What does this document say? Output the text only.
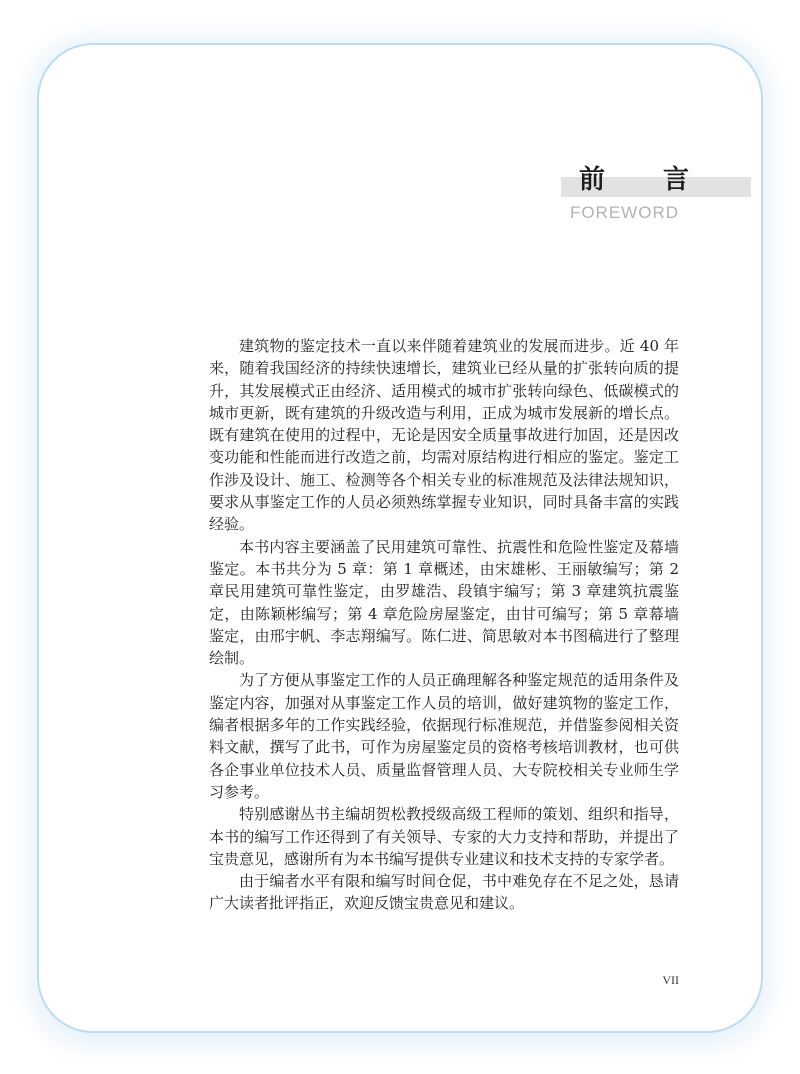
前 言
FOREWORD

建筑物的鉴定技术一直以来伴随着建筑业的发展而进步。近 40 年来，随着我国经济的持续快速增长，建筑业已经从量的扩张转向质的提升，其发展模式正由经济、适用模式的城市扩张转向绿色、低碳模式的城市更新，既有建筑的升级改造与利用，正成为城市发展新的增长点。既有建筑在使用的过程中，无论是因安全质量事故进行加固，还是因改变功能和性能而进行改造之前，均需对原结构进行相应的鉴定。鉴定工作涉及设计、施工、检测等各个相关专业的标准规范及法律法规知识，要求从事鉴定工作的人员必须熟练掌握专业知识，同时具备丰富的实践经验。

本书内容主要涵盖了民用建筑可靠性、抗震性和危险性鉴定及幕墙鉴定。本书共分为 5 章：第 1 章概述，由宋雄彬、王丽敏编写；第 2 章民用建筑可靠性鉴定，由罗雄浩、段镇宇编写；第 3 章建筑抗震鉴定，由陈颖彬编写；第 4 章危险房屋鉴定，由甘可编写；第 5 章幕墙鉴定，由邢宇帆、李志翔编写。陈仁进、简思敏对本书图稿进行了整理绘制。

为了方便从事鉴定工作的人员正确理解各种鉴定规范的适用条件及鉴定内容，加强对从事鉴定工作人员的培训，做好建筑物的鉴定工作，编者根据多年的工作实践经验，依据现行标准规范，并借鉴参阅相关资料文献，撰写了此书，可作为房屋鉴定员的资格考核培训教材，也可供各企事业单位技术人员、质量监督管理人员、大专院校相关专业师生学习参考。

特别感谢丛书主编胡贺松教授级高级工程师的策划、组织和指导，本书的编写工作还得到了有关领导、专家的大力支持和帮助，并提出了宝贵意见，感谢所有为本书编写提供专业建议和技术支持的专家学者。

由于编者水平有限和编写时间仓促，书中难免存在不足之处，恳请广大读者批评指正，欢迎反馈宝贵意见和建议。

VII
